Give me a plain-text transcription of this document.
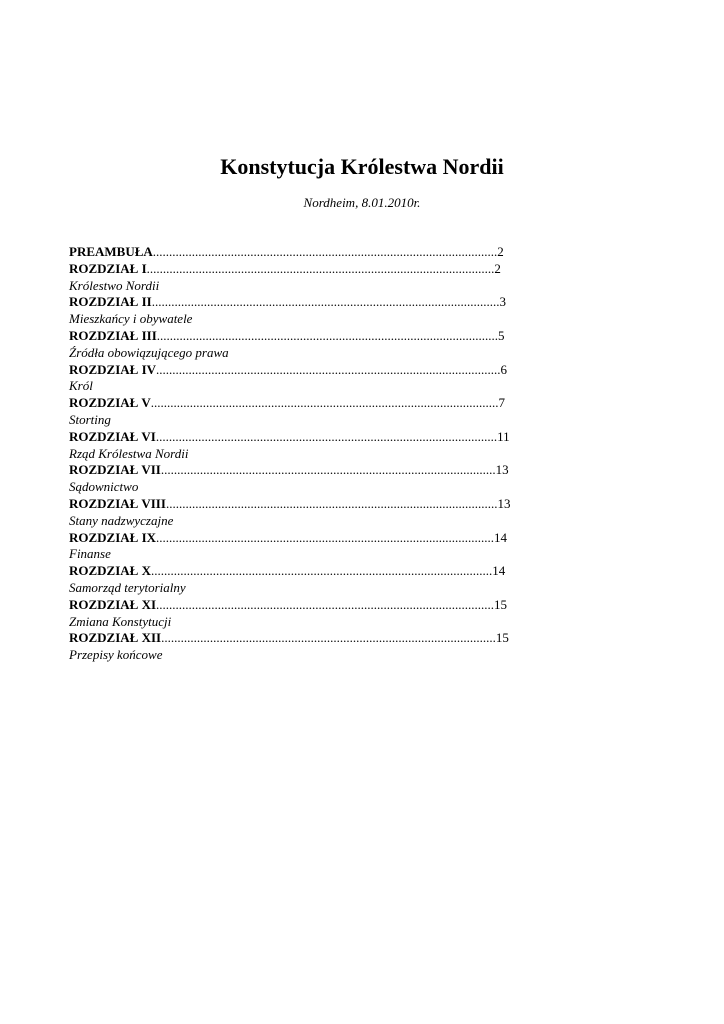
Konstytucja Królestwa Nordii
Nordheim, 8.01.2010r.
PREAMBUŁA..........................................................................................................2
ROZDZIAŁ I...........................................................................................................2
Królestwo Nordii
ROZDZIAŁ II...........................................................................................................3
Mieszkańcy i obywatele
ROZDZIAŁ III.........................................................................................................5
Źródła obowiązującego prawa
ROZDZIAŁ IV..........................................................................................................6
Król
ROZDZIAŁ V...........................................................................................................7
Storting
ROZDZIAŁ VI.........................................................................................................11
Rząd Królestwa Nordii
ROZDZIAŁ VII.......................................................................................................13
Sądownictwo
ROZDZIAŁ VIII......................................................................................................13
Stany nadzwyczajne
ROZDZIAŁ IX........................................................................................................14
Finanse
ROZDZIAŁ X.........................................................................................................14
Samorząd terytorialny
ROZDZIAŁ XI........................................................................................................15
Zmiana Konstytucji
ROZDZIAŁ XII.......................................................................................................15
Przepisy końcowe
